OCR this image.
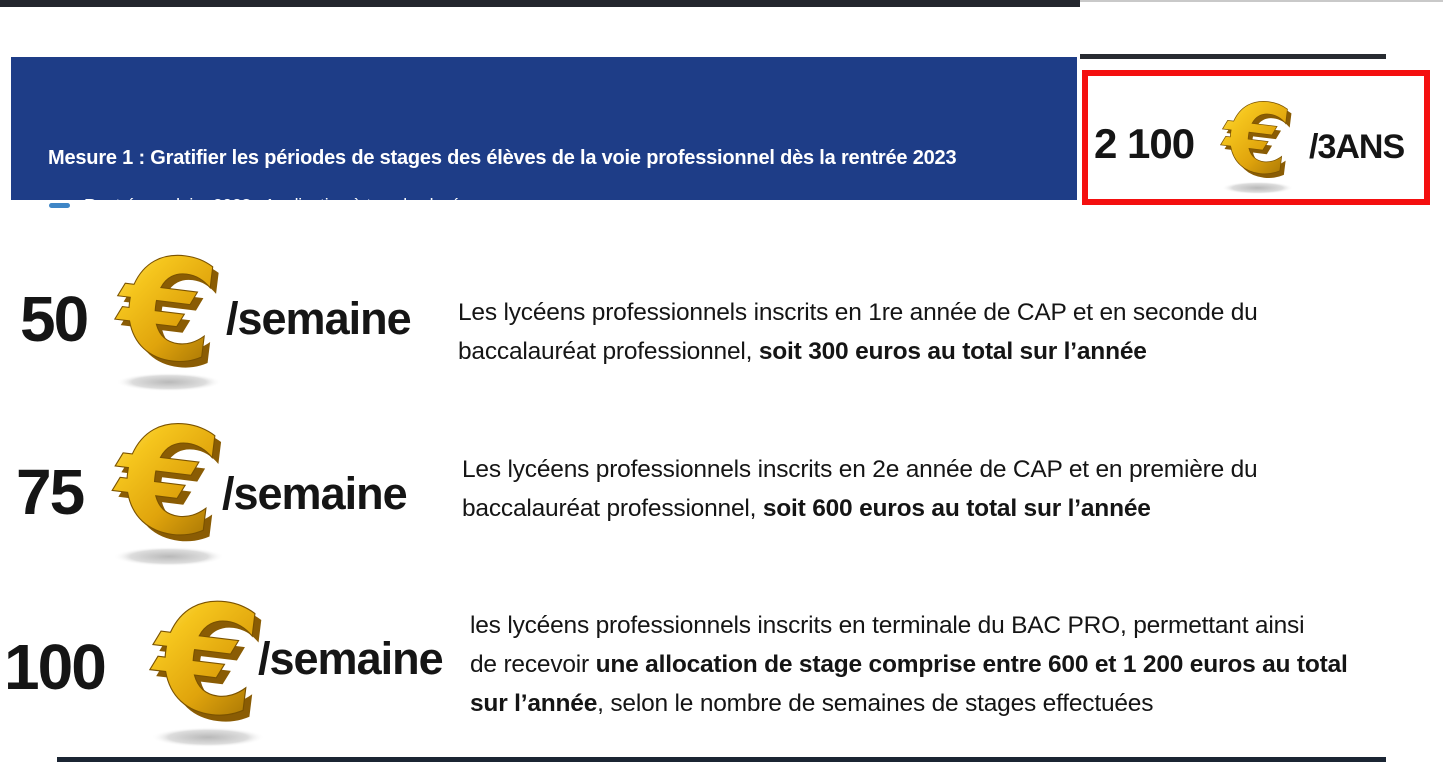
Mesure 1 : Gratifier les périodes de stages des élèves de la voie professionnel dès la rentrée 2023
Rentrée scolaire 2023 : Application à tous les lycées
2 100	/3ANS
50	/semaine Les lycéens professionnels inscrits en 1re année de CAP et en seconde du
baccalauréat professionnel, soit 300 euros au total sur l’année
75	/semaine Les lycéens professionnels inscrits en 2e année de CAP et en première du
baccalauréat professionnel, soit 600 euros au total sur l’année
100	/semaine
les lycéens professionnels inscrits en terminale du BAC PRO, permettant ainsi
de recevoir une allocation de stage comprise entre 600 et 1 200 euros au total
sur l’année, selon le nombre de semaines de stages effectuées
